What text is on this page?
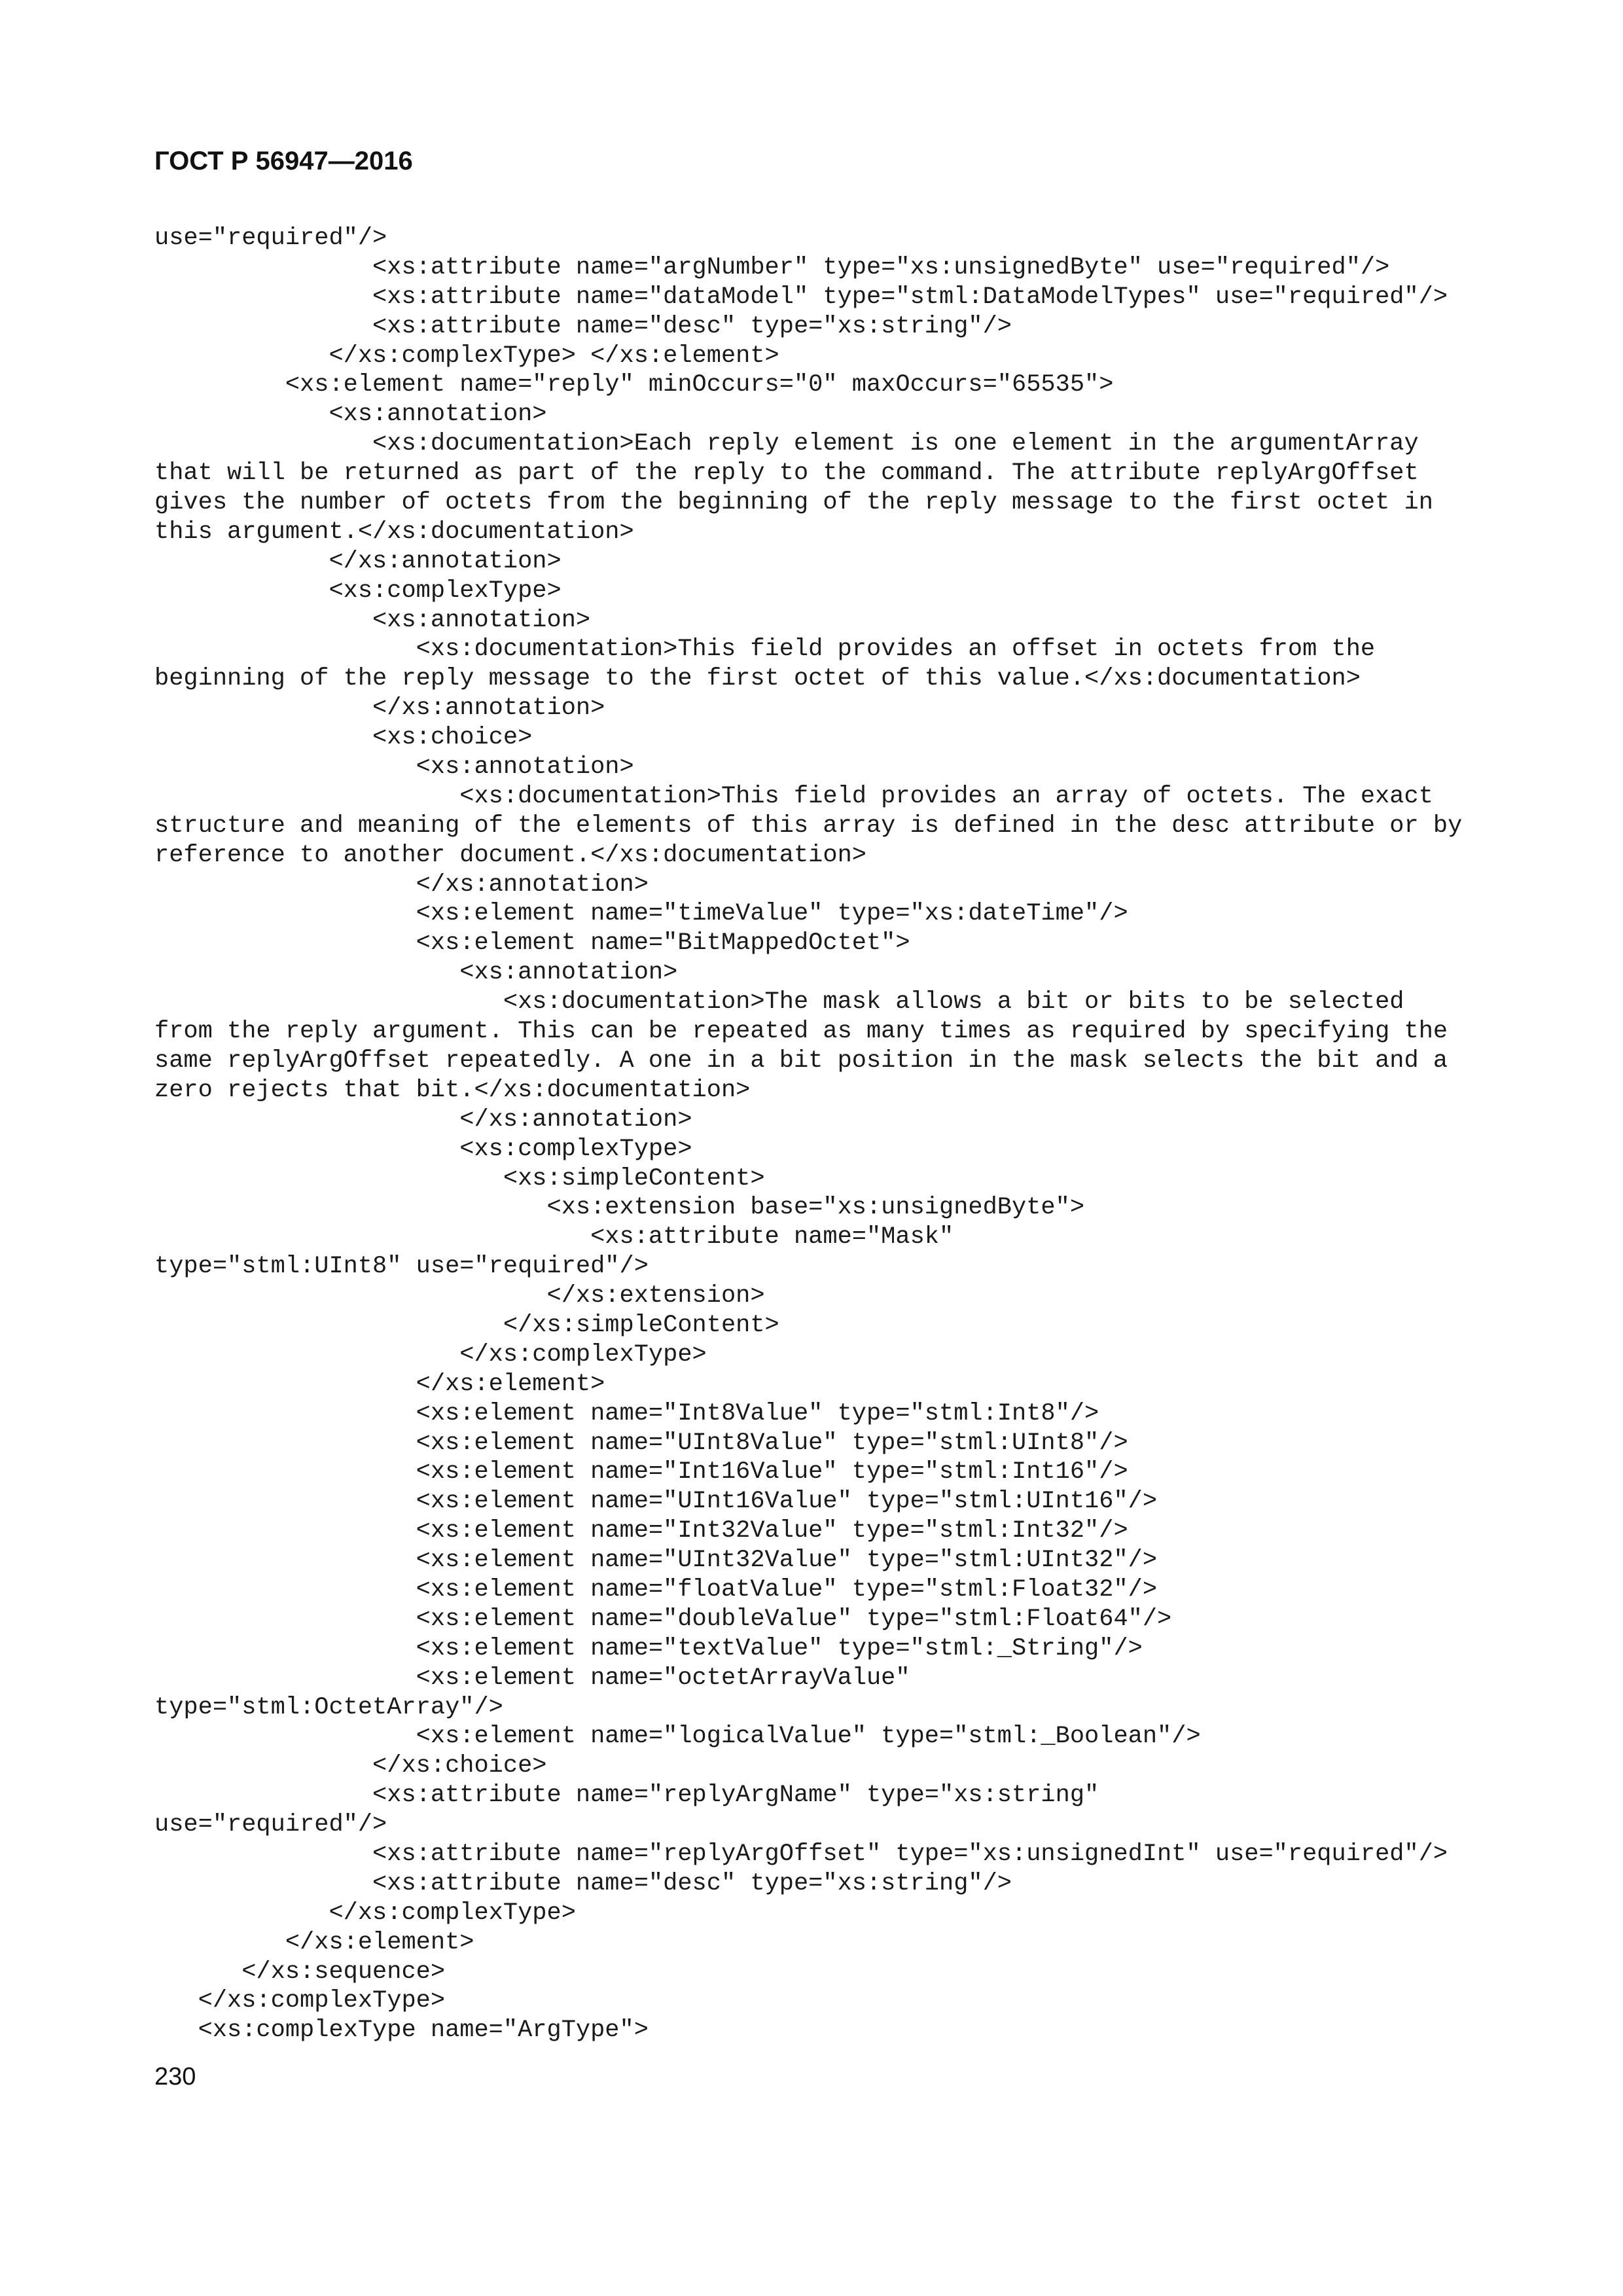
ГОСТ Р 56947—2016
use="required"/>
<xs:attribute name="argNumber" type="xs:unsignedByte" use="required"/>
<xs:attribute name="dataModel" type="stml:DataModelTypes" use="required"/>
<xs:attribute name="desc" type="xs:string"/>
</xs:complexType> </xs:element>
<xs:element name="reply" minOccurs="0" maxOccurs="65535">
<xs:annotation>
<xs:documentation>Each reply element is one element in the argumentArray
that will be returned as part of the reply to the command. The attribute replyArgOffset
gives the number of octets from the beginning of the reply message to the first octet in
this argument.</xs:documentation>
</xs:annotation>
<xs:complexType>
<xs:annotation>
<xs:documentation>This field provides an offset in octets from the
beginning of the reply message to the first octet of this value.</xs:documentation>
</xs:annotation>
<xs:choice>
<xs:annotation>
<xs:documentation>This field provides an array of octets. The exact
structure and meaning of the elements of this array is defined in the desc attribute or by
reference to another document.</xs:documentation>
</xs:annotation>
<xs:element name="timeValue" type="xs:dateTime"/>
<xs:element name="BitMappedOctet">
<xs:annotation>
<xs:documentation>The mask allows a bit or bits to be selected
from the reply argument. This can be repeated as many times as required by specifying the
same replyArgOffset repeatedly. A one in a bit position in the mask selects the bit and a
zero rejects that bit.</xs:documentation>
</xs:annotation>
<xs:complexType>
<xs:simpleContent>
<xs:extension base="xs:unsignedByte">
<xs:attribute name="Mask"
type="stml:UInt8" use="required"/>
</xs:extension>
</xs:simpleContent>
</xs:complexType>
</xs:element>
<xs:element name="Int8Value" type="stml:Int8"/>
<xs:element name="UInt8Value" type="stml:UInt8"/>
<xs:element name="Int16Value" type="stml:Int16"/>
<xs:element name="UInt16Value" type="stml:UInt16"/>
<xs:element name="Int32Value" type="stml:Int32"/>
<xs:element name="UInt32Value" type="stml:UInt32"/>
<xs:element name="floatValue" type="stml:Float32"/>
<xs:element name="doubleValue" type="stml:Float64"/>
<xs:element name="textValue" type="stml:_String"/>
<xs:element name="octetArrayValue"
type="stml:OctetArray"/>
<xs:element name="logicalValue" type="stml:_Boolean"/>
</xs:choice>
<xs:attribute name="replyArgName" type="xs:string"
use="required"/>
<xs:attribute name="replyArgOffset" type="xs:unsignedInt" use="required"/>
<xs:attribute name="desc" type="xs:string"/>
</xs:complexType>
</xs:element>
</xs:sequence>
</xs:complexType>
<xs:complexType name="ArgType">
230
